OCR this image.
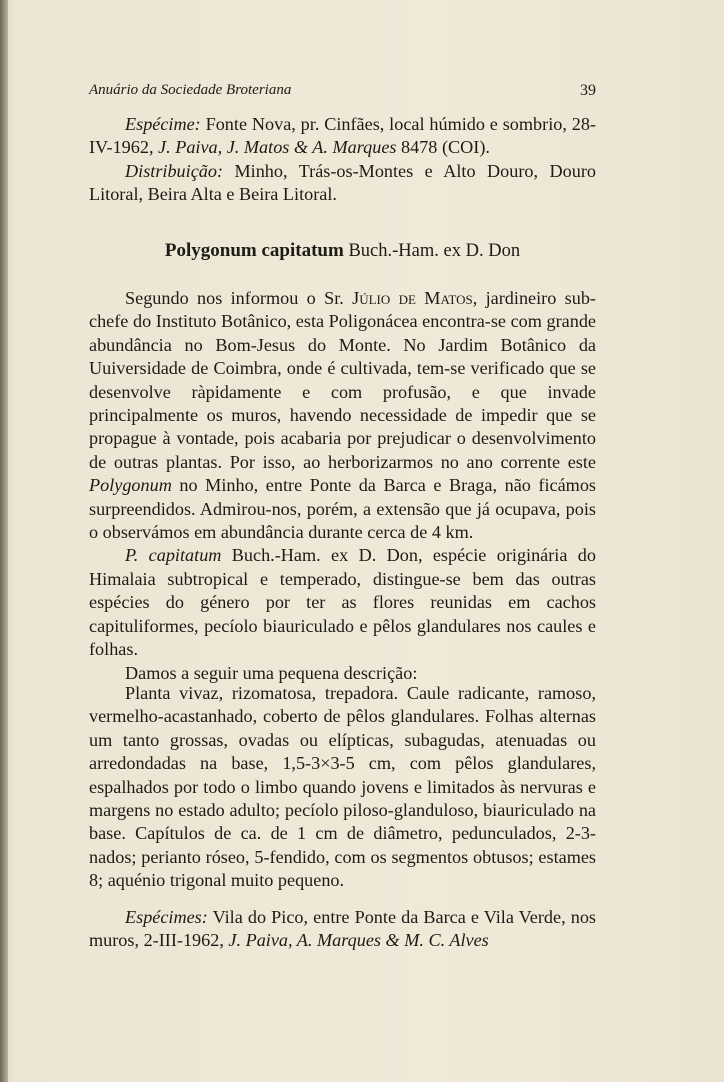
Anuário da Sociedade Broteriana	39

Espécime: Fonte Nova, pr. Cinfães, local húmido e sombrio, 28-IV-1962, J. Paiva, J. Matos & A. Marques 8478 (COI).

Distribuição: Minho, Trás-os-Montes e Alto Douro, Douro Litoral, Beira Alta e Beira Litoral.

Polygonum capitatum Buch.-Ham. ex D. Don

Segundo nos informou o Sr. Júlio de Matos, jardineiro sub-chefe do Instituto Botânico, esta Poligonácea encontra-se com grande abundância no Bom-Jesus do Monte. No Jardim Botânico da Uuiversidade de Coimbra, onde é cultivada, tem-se verificado que se desenvolve ràpidamente e com profusão, e que invade principalmente os muros, havendo necessidade de impedir que se propague à vontade, pois acabaria por prejudicar o desenvolvimento de outras plantas. Por isso, ao herborizarmos no ano corrente este Polygonum no Minho, entre Ponte da Barca e Braga, não ficámos surpreendidos. Admirou-nos, porém, a extensão que já ocupava, pois o observámos em abundância durante cerca de 4 km.

P. capitatum Buch.-Ham. ex D. Don, espécie originária do Himalaia subtropical e temperado, distingue-se bem das outras espécies do género por ter as flores reunidas em cachos capituliformes, pecíolo biauriculado e pêlos glandulares nos caules e folhas.

Damos a seguir uma pequena descrição:

Planta vivaz, rizomatosa, trepadora. Caule radicante, ramoso, vermelho-acastanhado, coberto de pêlos glandulares. Folhas alternas um tanto grossas, ovadas ou elípticas, subagudas, atenuadas ou arredondadas na base, 1,5-3×3-5 cm, com pêlos glandulares, espalhados por todo o limbo quando jovens e limitados às nervuras e margens no estado adulto; pecíolo piloso-glanduloso, biauriculado na base. Capítulos de ca. de 1 cm de diâmetro, pedunculados, 2-3-nados; perianto róseo, 5-fendido, com os segmentos obtusos; estames 8; aquénio trigonal muito pequeno.

Espécimes: Vila do Pico, entre Ponte da Barca e Vila Verde, nos muros, 2-III-1962, J. Paiva, A. Marques & M. C. Alves
